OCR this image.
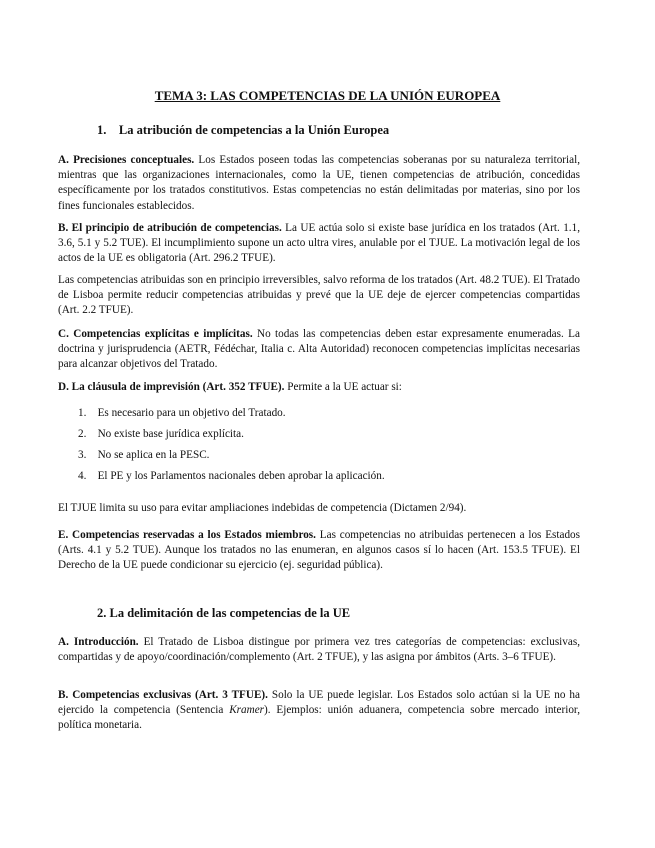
TEMA 3: LAS COMPETENCIAS DE LA UNIÓN EUROPEA
1. La atribución de competencias a la Unión Europea

A. Precisiones conceptuales. Los Estados poseen todas las competencias soberanas por su naturaleza territorial, mientras que las organizaciones internacionales, como la UE, tienen competencias de atribución, concedidas específicamente por los tratados constitutivos. Estas competencias no están delimitadas por materias, sino por los fines funcionales establecidos.

B. El principio de atribución de competencias. La UE actúa solo si existe base jurídica en los tratados (Art. 1.1, 3.6, 5.1 y 5.2 TUE). El incumplimiento supone un acto ultra vires, anulable por el TJUE. La motivación legal de los actos de la UE es obligatoria (Art. 296.2 TFUE).

Las competencias atribuidas son en principio irreversibles, salvo reforma de los tratados (Art. 48.2 TUE). El Tratado de Lisboa permite reducir competencias atribuidas y prevé que la UE deje de ejercer competencias compartidas (Art. 2.2 TFUE).

C. Competencias explícitas e implícitas. No todas las competencias deben estar expresamente enumeradas. La doctrina y jurisprudencia (AETR, Fédéchar, Italia c. Alta Autoridad) reconocen competencias implícitas necesarias para alcanzar objetivos del Tratado.

D. La cláusula de imprevisión (Art. 352 TFUE). Permite a la UE actuar si:

1. Es necesario para un objetivo del Tratado.
2. No existe base jurídica explícita.
3. No se aplica en la PESC.
4. El PE y los Parlamentos nacionales deben aprobar la aplicación.

El TJUE limita su uso para evitar ampliaciones indebidas de competencia (Dictamen 2/94).

E. Competencias reservadas a los Estados miembros. Las competencias no atribuidas pertenecen a los Estados (Arts. 4.1 y 5.2 TUE). Aunque los tratados no las enumeran, en algunos casos sí lo hacen (Art. 153.5 TFUE). El Derecho de la UE puede condicionar su ejercicio (ej. seguridad pública).

2. La delimitación de las competencias de la UE

A. Introducción. El Tratado de Lisboa distingue por primera vez tres categorías de competencias: exclusivas, compartidas y de apoyo/coordinación/complemento (Art. 2 TFUE), y las asigna por ámbitos (Arts. 3–6 TFUE).

B. Competencias exclusivas (Art. 3 TFUE). Solo la UE puede legislar. Los Estados solo actúan si la UE no ha ejercido la competencia (Sentencia Kramer). Ejemplos: unión aduanera, competencia sobre mercado interior, política monetaria.
